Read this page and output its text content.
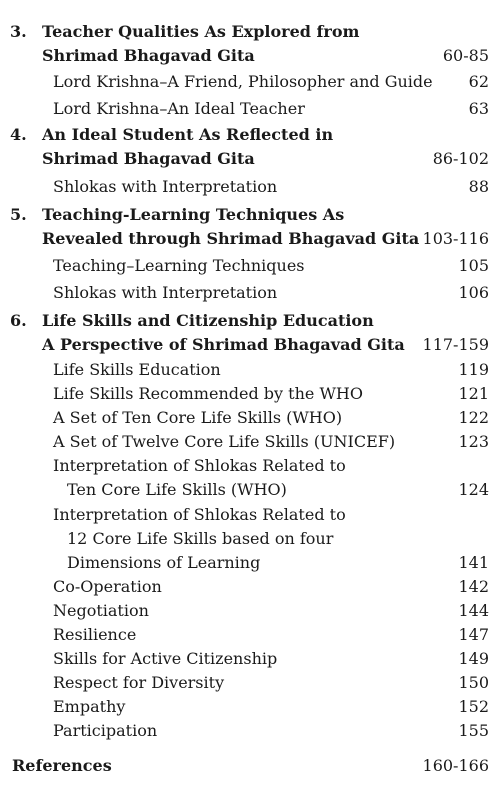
3. Teacher Qualities As Explored from
Shrimad Bhagavad Gita	60-85
Lord Krishna–A Friend, Philosopher and Guide 62
Lord Krishna–An Ideal Teacher	63
4. An Ideal Student As Reflected in
Shrimad Bhagavad Gita	86-102
Shlokas with Interpretation	88
5. Teaching-Learning Techniques As
Revealed through Shrimad Bhagavad Gita 103-116
Teaching–Learning Techniques	105
Shlokas with Interpretation	106
6. Life Skills and Citizenship Education
A Perspective of Shrimad Bhagavad Gita 117-159
Life Skills Education	119
Life Skills Recommended by the WHO	121
A Set of Ten Core Life Skills (WHO)	122
A Set of Twelve Core Life Skills (UNICEF)	123
Interpretation of Shlokas Related to
Ten Core Life Skills (WHO)	124
Interpretation of Shlokas Related to
12 Core Life Skills based on four
Dimensions of Learning	141
Co-Operation	142
Negotiation	144
Resilience	147
Skills for Active Citizenship	149
Respect for Diversity	150
Empathy	152
Participation	155
References	160-166
